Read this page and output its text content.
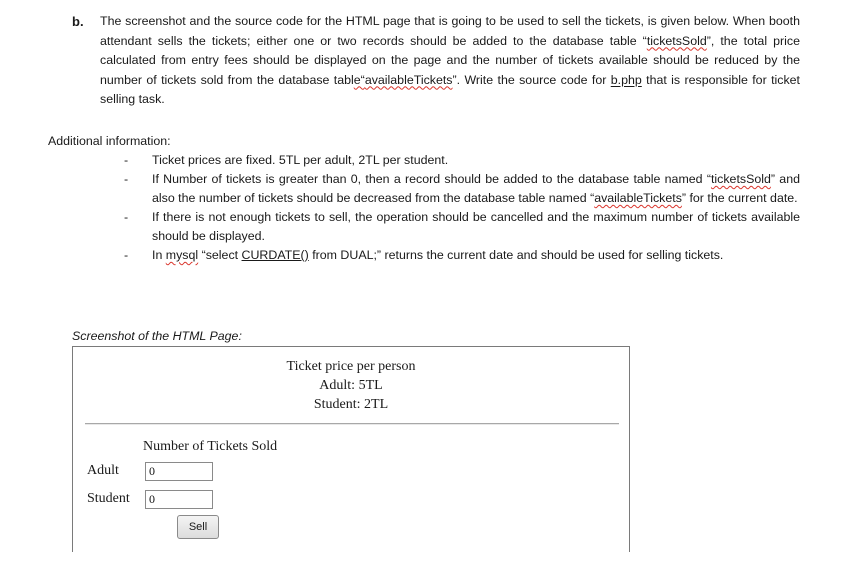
b. The screenshot and the source code for the HTML page that is going to be used to sell the tickets, is given below. When booth attendant sells the tickets; either one or two records should be added to the database table “ticketsSold”, the total price calculated from entry fees should be displayed on the page and the number of tickets available should be reduced by the number of tickets sold from the database table“availableTickets”. Write the source code for b.php that is responsible for ticket selling task.

Additional information:
- Ticket prices are fixed. 5TL per adult, 2TL per student.
- If Number of tickets is greater than 0, then a record should be added to the database table named “ticketsSold” and also the number of tickets should be decreased from the database table named “availableTickets” for the current date.
- If there is not enough tickets to sell, the operation should be cancelled and the maximum number of tickets available should be displayed.
- In mysql “select CURDATE() from DUAL;” returns the current date and should be used for selling tickets.
Screenshot of the HTML Page:
Ticket price per person
Adult: 5TL
Student: 2TL
Number of Tickets Sold
Adult
0
Student
0
Sell
